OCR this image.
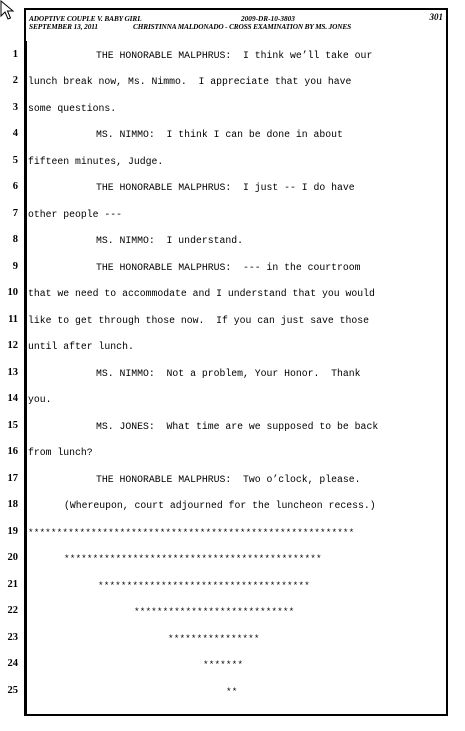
ADOPTIVE COUPLE V. BABY GIRL	2009-DR-10-3803	301
SEPTEMBER 13, 2011	CHRISTINNA MALDONADO - CROSS EXAMINATION BY MS. JONES
1	THE HONORABLE MALPHRUS:  I think we’ll take our
2 lunch break now, Ms. Nimmo.  I appreciate that you have
3 some questions.
4	MS. NIMMO:  I think I can be done in about
5 fifteen minutes, Judge.
6	THE HONORABLE MALPHRUS:  I just -- I do have
7 other people ---
8	MS. NIMMO:  I understand.
9	THE HONORABLE MALPHRUS:  --- in the courtroom
10 that we need to accommodate and I understand that you would
11 like to get through those now.  If you can just save those
12 until after lunch.
13	MS. NIMMO:  Not a problem, Your Honor.  Thank
14 you.
15	MS. JONES:  What time are we supposed to be back
16 from lunch?
17	THE HONORABLE MALPHRUS:  Two o’clock, please.
18	(Whereupon, court adjourned for the luncheon recess.)
19 *********************************************************
20	*********************************************
21	*************************************
22	****************************
23	****************
24	*******
25	**
